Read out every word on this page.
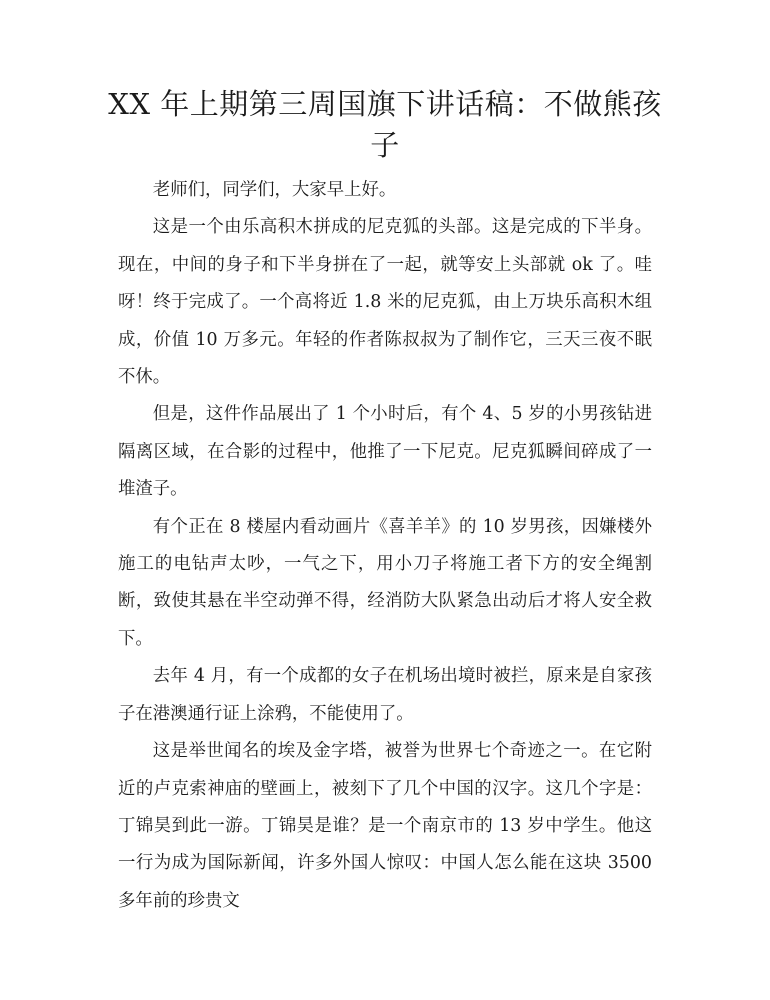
XX 年上期第三周国旗下讲话稿：不做熊孩子

老师们，同学们，大家早上好。

这是一个由乐高积木拼成的尼克狐的头部。这是完成的下半身。现在，中间的身子和下半身拼在了一起，就等安上头部就 ok 了。哇呀！终于完成了。一个高将近 1.8 米的尼克狐，由上万块乐高积木组成，价值 10 万多元。年轻的作者陈叔叔为了制作它，三天三夜不眠不休。

但是，这件作品展出了 1 个小时后，有个 4、5 岁的小男孩钻进隔离区域，在合影的过程中，他推了一下尼克。尼克狐瞬间碎成了一堆渣子。

有个正在 8 楼屋内看动画片《喜羊羊》的 10 岁男孩，因嫌楼外施工的电钻声太吵，一气之下，用小刀子将施工者下方的安全绳割断，致使其悬在半空动弹不得，经消防大队紧急出动后才将人安全救下。

去年 4 月，有一个成都的女子在机场出境时被拦，原来是自家孩子在港澳通行证上涂鸦，不能使用了。

这是举世闻名的埃及金字塔，被誉为世界七个奇迹之一。在它附近的卢克索神庙的壁画上，被刻下了几个中国的汉字。这几个字是：丁锦昊到此一游。丁锦昊是谁？是一个南京市的 13 岁中学生。他这一行为成为国际新闻，许多外国人惊叹：中国人怎么能在这块 3500 多年前的珍贵文
